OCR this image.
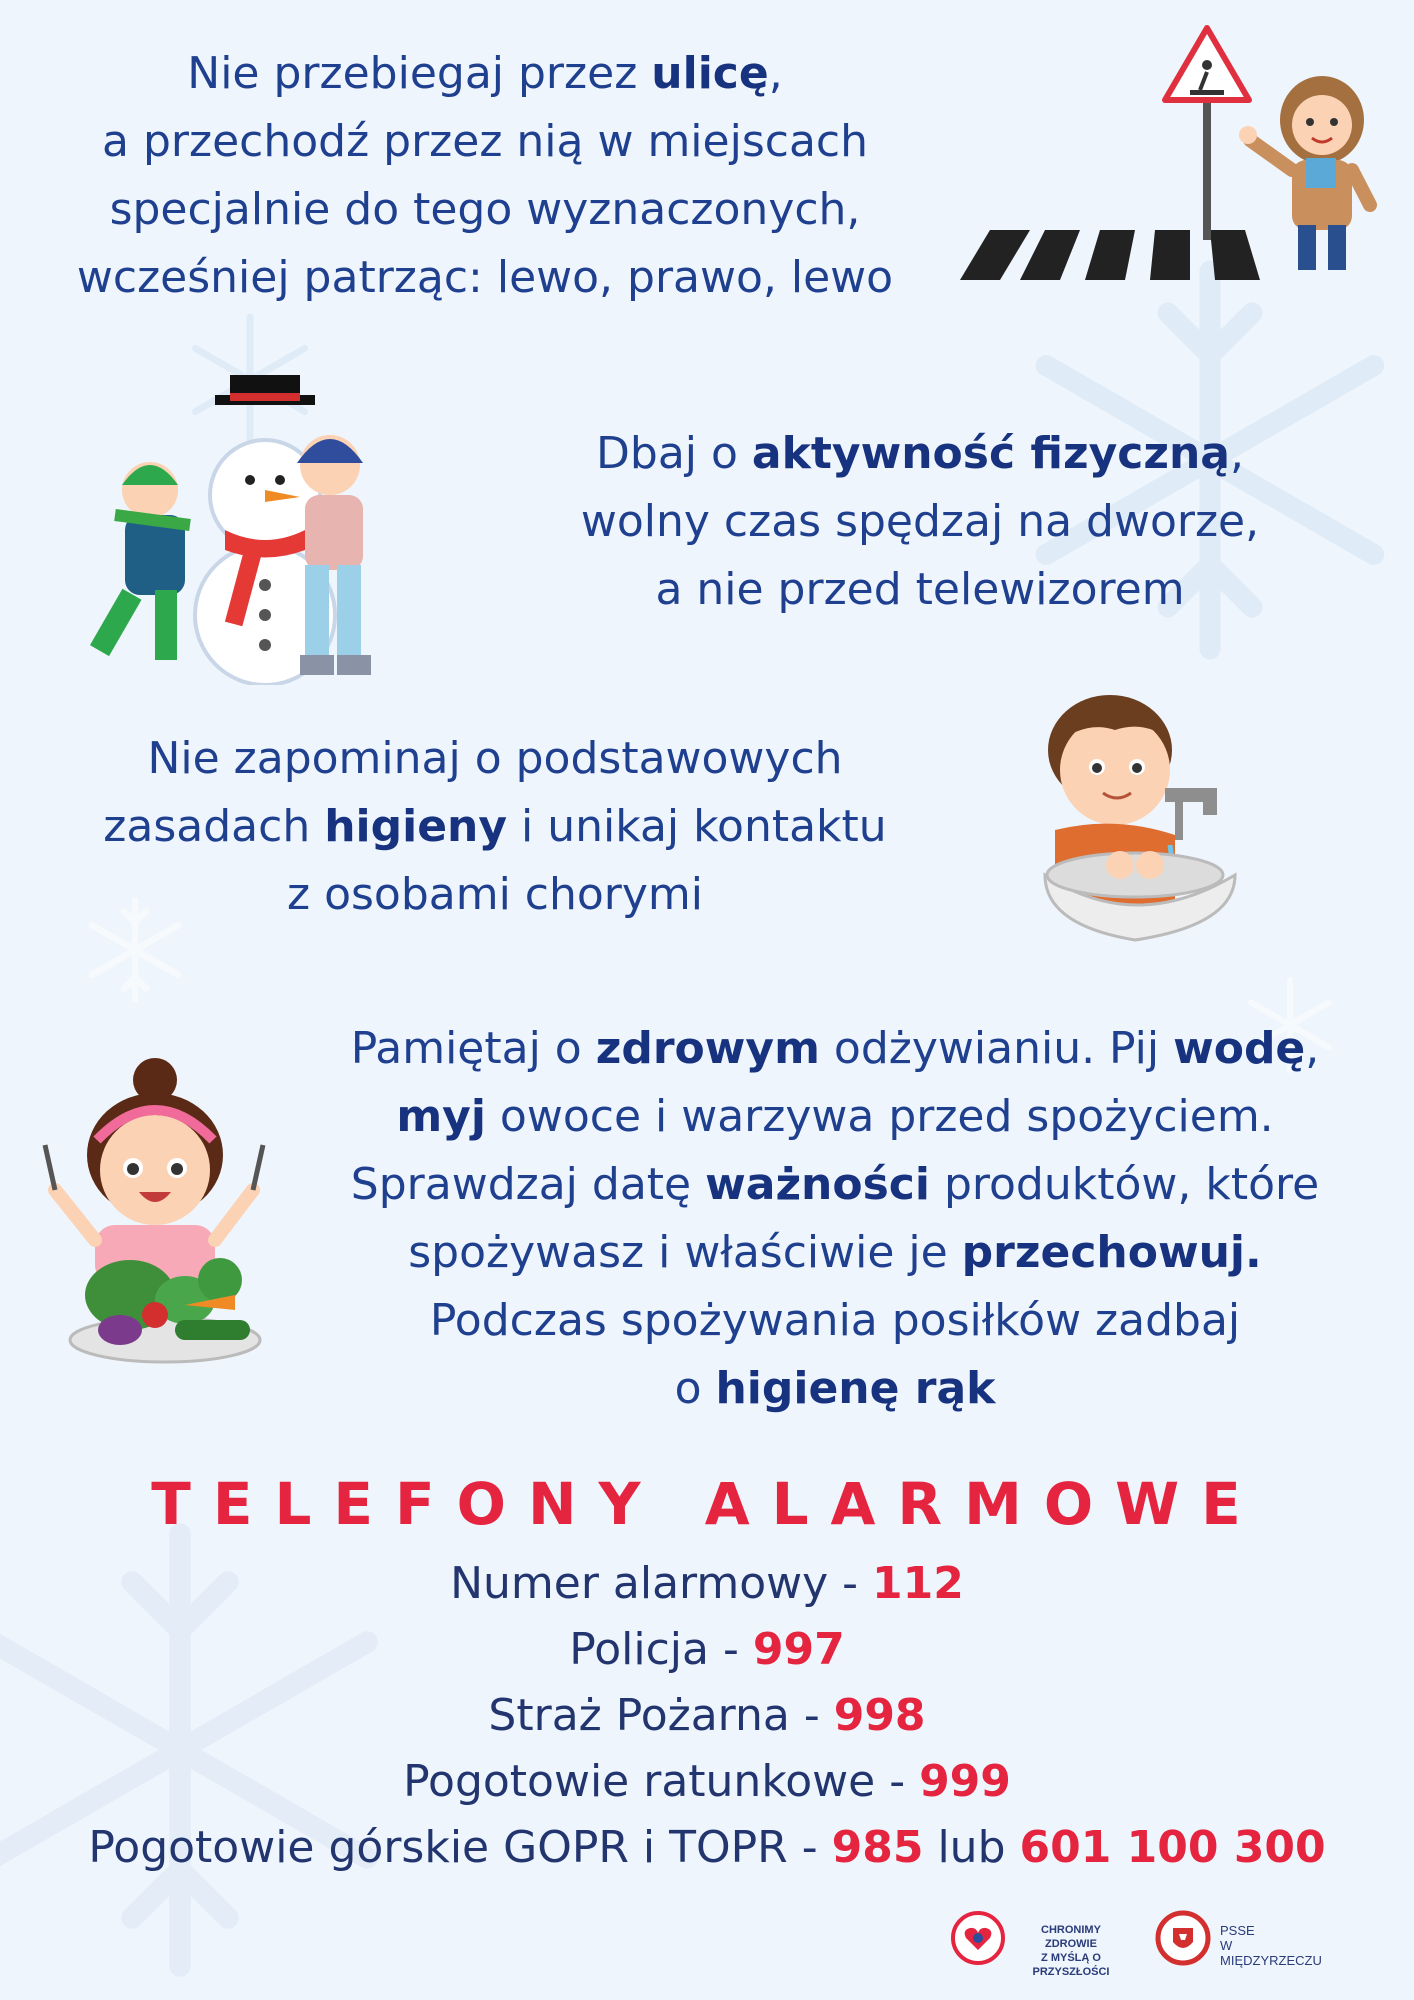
Nie przebiegaj przez ulicę,
a przechodź przez nią w miejscach
specjalnie do tego wyznaczonych,
wcześniej patrząc: lewo, prawo, lewo
Dbaj o aktywność fizyczną,
wolny czas spędzaj na dworze,
a nie przed telewizorem
Nie zapominaj o podstawowych
zasadach higieny i unikaj kontaktu
z osobami chorymi
Pamiętaj o zdrowym odżywianiu. Pij wodę,
myj owoce i warzywa przed spożyciem.
Sprawdzaj datę ważności produktów, które
spożywasz i właściwie je przechowuj.
Podczas spożywania posiłków zadbaj
o higienę rąk
TELEFONY ALARMOWE
Numer alarmowy - 112
Policja - 997
Straż Pożarna - 998
Pogotowie ratunkowe - 999
Pogotowie górskie GOPR i TOPR - 985 lub 601 100 300
CHRONIMY ZDROWIE
Z MYŚLĄ O PRZYSZŁOŚCI
PSSE
W MIĘDZYRZECZU
